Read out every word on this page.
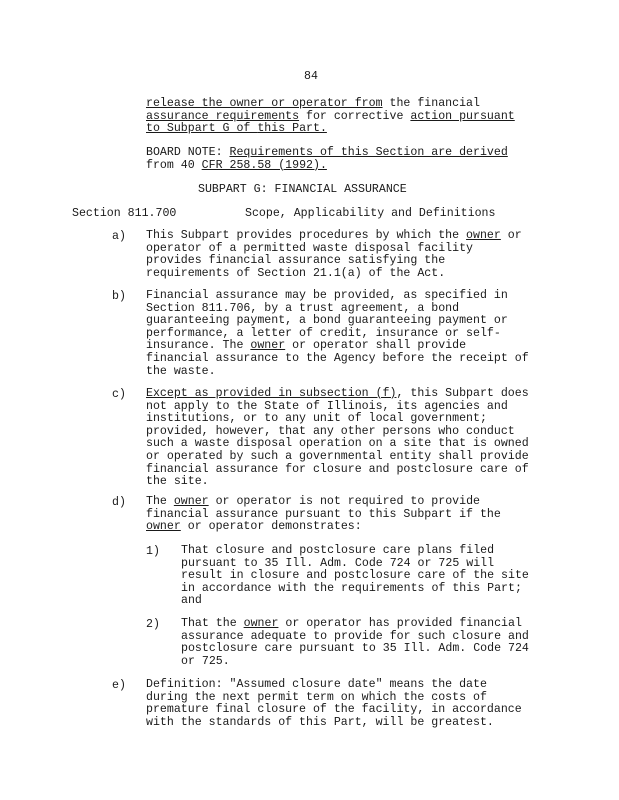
84
release the owner or operator from the financial
assurance requirements for corrective action pursuant
to Subpart G of this Part.
BOARD NOTE: Requirements of this Section are derived
from 40 CFR 258.58 (1992).
SUBPART G: FINANCIAL ASSURANCE
Section 811.700	Scope, Applicability and Definitions
a) This Subpart provides procedures by which the owner or
operator of a permitted waste disposal facility
provides financial assurance satisfying the
requirements of Section 21.1(a) of the Act.
b) Financial assurance may be provided, as specified in
Section 811.706, by a trust agreement, a bond
guaranteeing payment, a bond guaranteeing payment or
performance, a letter of credit, insurance or self-
insurance. The owner or operator shall provide
financial assurance to the Agency before the receipt of
the waste.
c) Except as provided in subsection (f), this Subpart does
not apply to the State of Illinois, its agencies and
institutions, or to any unit of local government;
provided, however, that any other persons who conduct
such a waste disposal operation on a site that is owned
or operated by such a governmental entity shall provide
financial assurance for closure and postclosure care of
the site.
d) The owner or operator is not required to provide
financial assurance pursuant to this Subpart if the
owner or operator demonstrates:
1) That closure and postclosure care plans filed
pursuant to 35 Ill. Adm. Code 724 or 725 will
result in closure and postclosure care of the site
in accordance with the requirements of this Part;
and
2) That the owner or operator has provided financial
assurance adequate to provide for such closure and
postclosure care pursuant to 35 Ill. Adm. Code 724
or 725.
e) Definition: "Assumed closure date" means the date
during the next permit term on which the costs of
premature final closure of the facility, in accordance
with the standards of this Part, will be greatest.
